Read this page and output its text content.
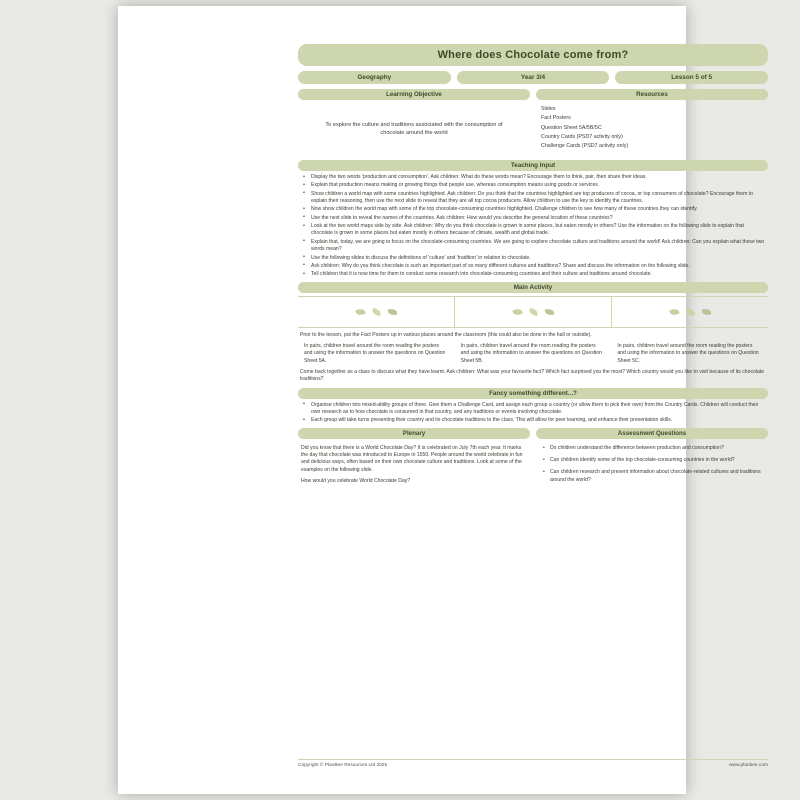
Where does Chocolate come from?
Geography	Year 3/4	Lesson 5 of 5
Learning Objective
To explore the culture and traditions associated with the consumption of chocolate around the world
Resources
Slides
Fact Posters
Question Sheet 5A/5B/5C
Country Cards (PSD7 activity only)
Challenge Cards (PSD7 activity only)
Teaching Input
• Display the two words 'production and consumption'. Ask children: What do these words mean? Encourage them to think, pair, then share their ideas.
• Explain that production means making or growing things that people use, whereas consumption means using goods or services.
• Show children a world map with some countries highlighted. Ask children: Do you think that the countries highlighted are top producers of cocoa, or top consumers of chocolate? Encourage them to explain their reasoning, then use the next slide to reveal that they are all top cocoa producers. Allow children to use the key to identify the countries.
• Now show children the world map with some of the top chocolate-consuming countries highlighted. Challenge children to see how many of these countries they can identify.
• Use the next slide to reveal the names of the countries. Ask children: How would you describe the general location of these countries?
• Look at the two world maps side by side. Ask children: Why do you think chocolate is grown in some places, but eaten mostly in others? Use the information on the following slide to explain that chocolate is grown in some places but eaten mostly in others because of climate, wealth and global trade.
• Explain that, today, we are going to focus on the chocolate-consuming countries. We are going to explore chocolate culture and traditions around the world! Ask children: Can you explain what these two words mean?
• Use the following slides to discuss the definitions of 'culture' and 'tradition' in relation to chocolate.
• Ask children: Why do you think chocolate is such an important part of so many different cultures and traditions? Share and discuss the information on the following slide.
• Tell children that it is now time for them to conduct some research into chocolate-consuming countries and their culture and traditions around chocolate.
Main Activity
Prior to the lesson, put the Fact Posters up in various places around the classroom (this could also be done in the hall or outside).
In pairs, children travel around the room reading the posters and using the information to answer the questions on Question Sheet 5A.
In pairs, children travel around the room reading the posters and using the information to answer the questions on Question Sheet 5B.
In pairs, children travel around the room reading the posters and using the information to answer the questions on Question Sheet 5C.
Come back together as a class to discuss what they have learnt. Ask children: What was your favourite fact? Which fact surprised you the most? Which country would you like to visit because of its chocolate traditions?
Fancy something different...?
• Organise children into mixed-ability groups of three. Give them a Challenge Card, and assign each group a country (or allow them to pick their own) from the Country Cards. Children will conduct their own research as to how chocolate is consumed in that country, and any traditions or events involving chocolate.
• Each group will take turns presenting their country and its chocolate traditions to the class. This will allow for peer learning, and enhance their presentation skills.
Plenary
Did you know that there is a World Chocolate Day? It is celebrated on July 7th each year. It marks the day that chocolate was introduced to Europe in 1550. People around the world celebrate in fun and delicious ways, often based on their own chocolate culture and traditions. Look at some of the examples on the following slide.
How would you celebrate World Chocolate Day?
Assessment Questions
• Do children understand the difference between production and consumption?
• Can children identify some of the top chocolate-consuming countries in the world?
• Can children research and present information about chocolate-related cultures and traditions around the world?
Copyright © PlanBee Resources Ltd 2025	www.planbee.com
